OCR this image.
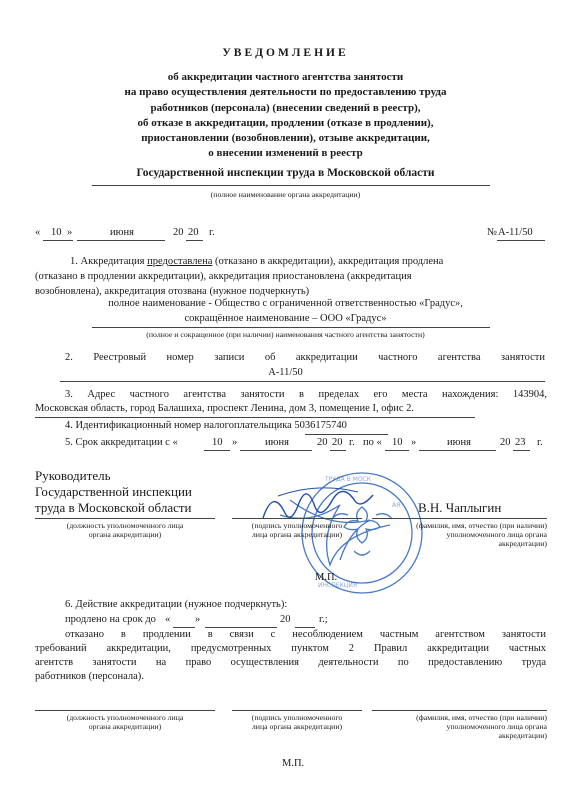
УВЕДОМЛЕНИЕ
об аккредитации частного агентства занятости
на право осуществления деятельности по предоставлению труда
работников (персонала) (внесении сведений в реестр),
об отказе в аккредитации, продлении (отказе в продлении),
приостановлении (возобновлении), отзыве аккредитации,
о внесении изменений в реестр
Государственной инспекции труда в Московской области
(полное наименование органа аккредитации)
« 10 »	июня	20 20 г.	№ А-11/50
1. Аккредитация предоставлена (отказано в аккредитации), аккредитация продлена
(отказано в продлении аккредитации), аккредитация приостановлена (аккредитация
возобновлена), аккредитация отозвана (нужное подчеркнуть)
полное наименование - Общество с ограниченной ответственностью «Градус»,
сокращённое наименование – ООО «Градус»
(полное и сокращенное (при наличии) наименования частного агентства занятости)
2. Реестровый номер записи об аккредитации частного агентства занятости
А-11/50
3. Адрес частного агентства занятости в пределах его места нахождения: 143904,
Московская область, город Балашиха, проспект Ленина, дом 3, помещение I, офис 2.
4. Идентификационный номер налогоплательщика 5036175740
5. Срок аккредитации с «	10 »	июня	20 20 г. по « 10 »	июня	20 23 г.
ТРУДА В МОСК
АЯ
ИНСПЕКЦИЯ
Руководитель
Государственной инспекции
труда в Московской области	В.Н. Чаплыгин
(должность уполномоченного лица
органа аккредитации)
(подпись уполномоченного
лица органа аккредитации)
(фамилия, имя, отчество (при наличии)
уполномоченного лица органа
аккредитации)
М.П.
6. Действие аккредитации (нужное подчеркнуть):
продлено на срок до « »	20	г.;
отказано в продлении в связи с несоблюдением частным агентством занятости
требований аккредитации, предусмотренных пунктом 2 Правил аккредитации частных
агентств занятости на право осуществления деятельности по предоставлению труда
работников (персонала).
(должность уполномоченного лица
органа аккредитации)
(подпись уполномоченного
лица органа аккредитации)
(фамилия, имя, отчество (при наличии)
уполномоченного лица органа
аккредитации)
М.П.
